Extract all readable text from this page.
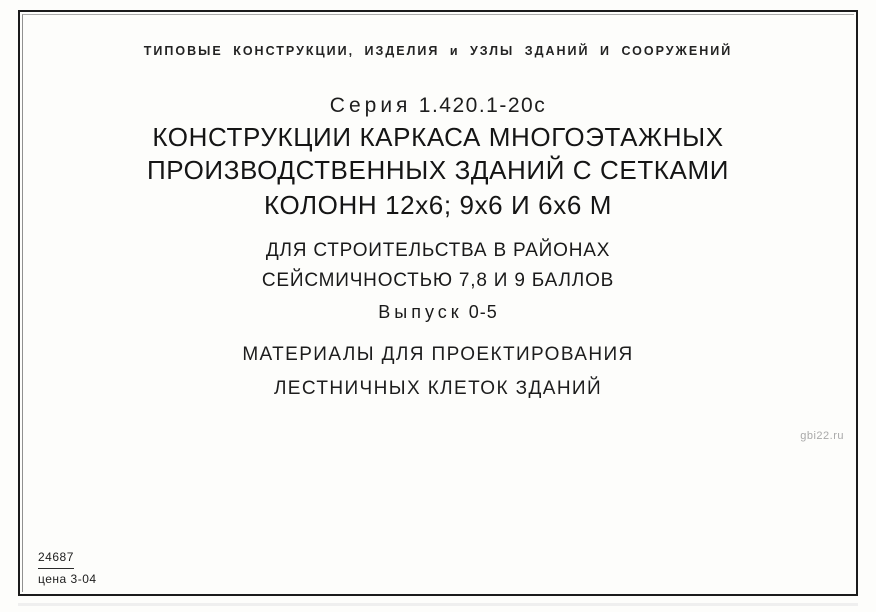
ТИПОВЫЕ КОНСТРУКЦИИ, ИЗДЕЛИЯ и УЗЛЫ ЗДАНИЙ И СООРУЖЕНИЙ
Серия 1.420.1-20с
КОНСТРУКЦИИ КАРКАСА МНОГОЭТАЖНЫХ
ПРОИЗВОДСТВЕННЫХ ЗДАНИЙ С СЕТКАМИ
КОЛОНН 12х6; 9х6 И 6х6 М
ДЛЯ СТРОИТЕЛЬСТВА В РАЙОНАХ
СЕЙСМИЧНОСТЬЮ 7,8 И 9 БАЛЛОВ
Выпуск 0-5
МАТЕРИАЛЫ ДЛЯ ПРОЕКТИРОВАНИЯ
ЛЕСТНИЧНЫХ КЛЕТОК ЗДАНИЙ
gbi22.ru
24687
цена 3-04
